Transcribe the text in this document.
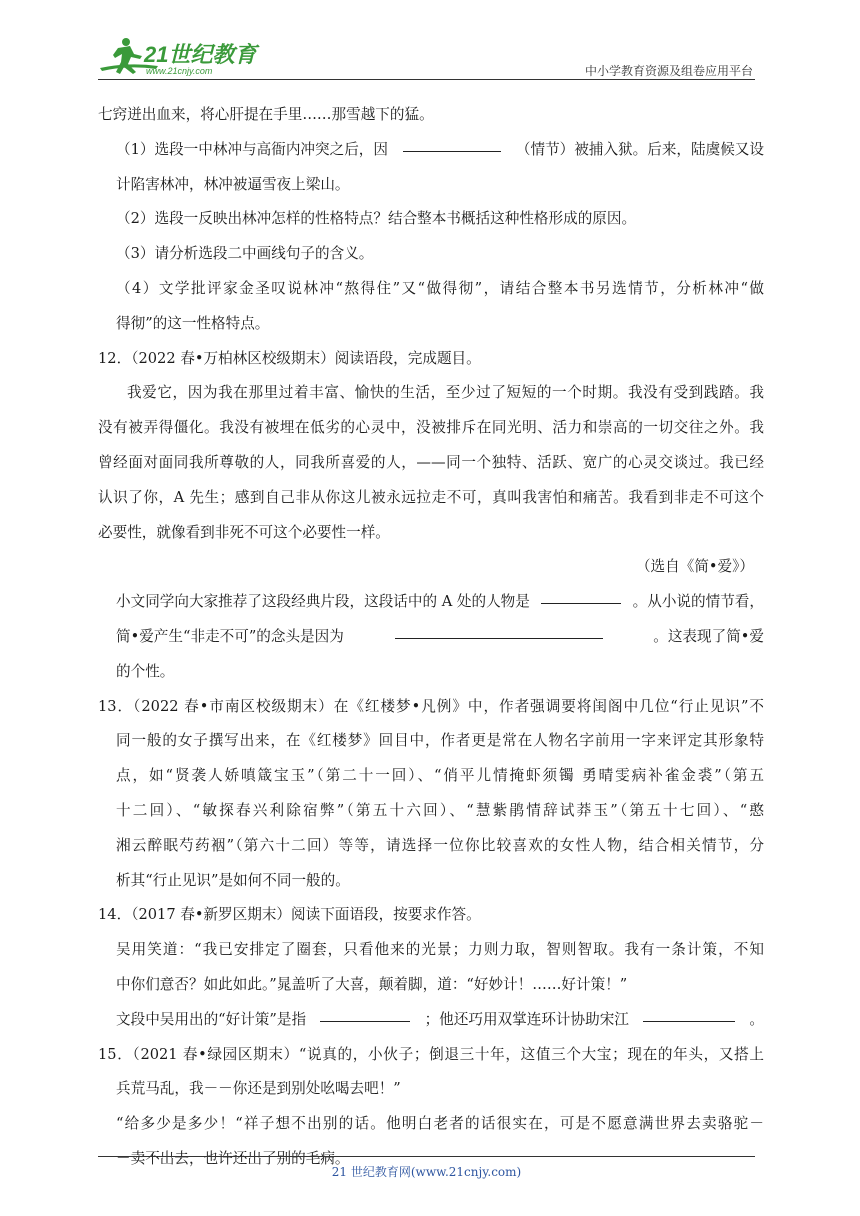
21世纪教育
www.21cnjy.com	中小学教育资源及组卷应用平台
七窍迸出血来，将心肝提在手里……那雪越下的猛。
（1）选段一中林冲与高衙内冲突之后，因	（情节）被捕入狱。后来，陆虞候又设
计陷害林冲，林冲被逼雪夜上梁山。
（2）选段一反映出林冲怎样的性格特点？结合整本书概括这种性格形成的原因。
（3）请分析选段二中画线句子的含义。
（4）文学批评家金圣叹说林冲“熬得住”又“做得彻”，请结合整本书另选情节，分析林冲“做
得彻”的这一性格特点。
12．（2022 春•万柏林区校级期末）阅读语段，完成题目。
我爱它，因为我在那里过着丰富、愉快的生活，至少过了短短的一个时期。我没有受到践踏。我
没有被弄得僵化。我没有被埋在低劣的心灵中，没被排斥在同光明、活力和崇高的一切交往之外。我
曾经面对面同我所尊敬的人，同我所喜爱的人，——同一个独特、活跃、宽广的心灵交谈过。我已经
认识了你，A 先生；感到自己非从你这儿被永远拉走不可，真叫我害怕和痛苦。我看到非走不可这个
必要性，就像看到非死不可这个必要性一样。
（选自《简•爱》）
小文同学向大家推荐了这段经典片段，这段话中的 A 处的人物是	。从小说的情节看，
简•爱产生“非走不可”的念头是因为	。这表现了简•爱
的个性。
13．（2022 春•市南区校级期末）在《红楼梦•凡例》中，作者强调要将闺阁中几位“行止见识”不
同一般的女子撰写出来，在《红楼梦》回目中，作者更是常在人物名字前用一字来评定其形象特
点，如“贤袭人娇嗔箴宝玉”（第二十一回）、“俏平儿情掩虾须镯 勇晴雯病补雀金裘”（第五
十二回）、“敏探春兴利除宿弊”（第五十六回）、“慧紫鹃情辞试莽玉”（第五十七回）、“憨
湘云醉眠芍药裀”（第六十二回）等等，请选择一位你比较喜欢的女性人物，结合相关情节，分
析其“行止见识”是如何不同一般的。
14．（2017 春•新罗区期末）阅读下面语段，按要求作答。
吴用笑道：“我已安排定了圈套，只看他来的光景；力则力取，智则智取。我有一条计策，不知
中你们意否？如此如此。”晁盖听了大喜，颠着脚，道：“好妙计！……好计策！”
文段中吴用出的“好计策”是指	；他还巧用双掌连环计协助宋江	。
15．（2021 春•绿园区期末）“说真的，小伙子；倒退三十年，这值三个大宝；现在的年头，又搭上
兵荒马乱，我－－你还是到别处吆喝去吧！”
“给多少是多少！“祥子想不出别的话。他明白老者的话很实在，可是不愿意满世界去卖骆驼－
－卖不出去，也许还出了别的毛病。
21 世纪教育网(www.21cnjy.com)
